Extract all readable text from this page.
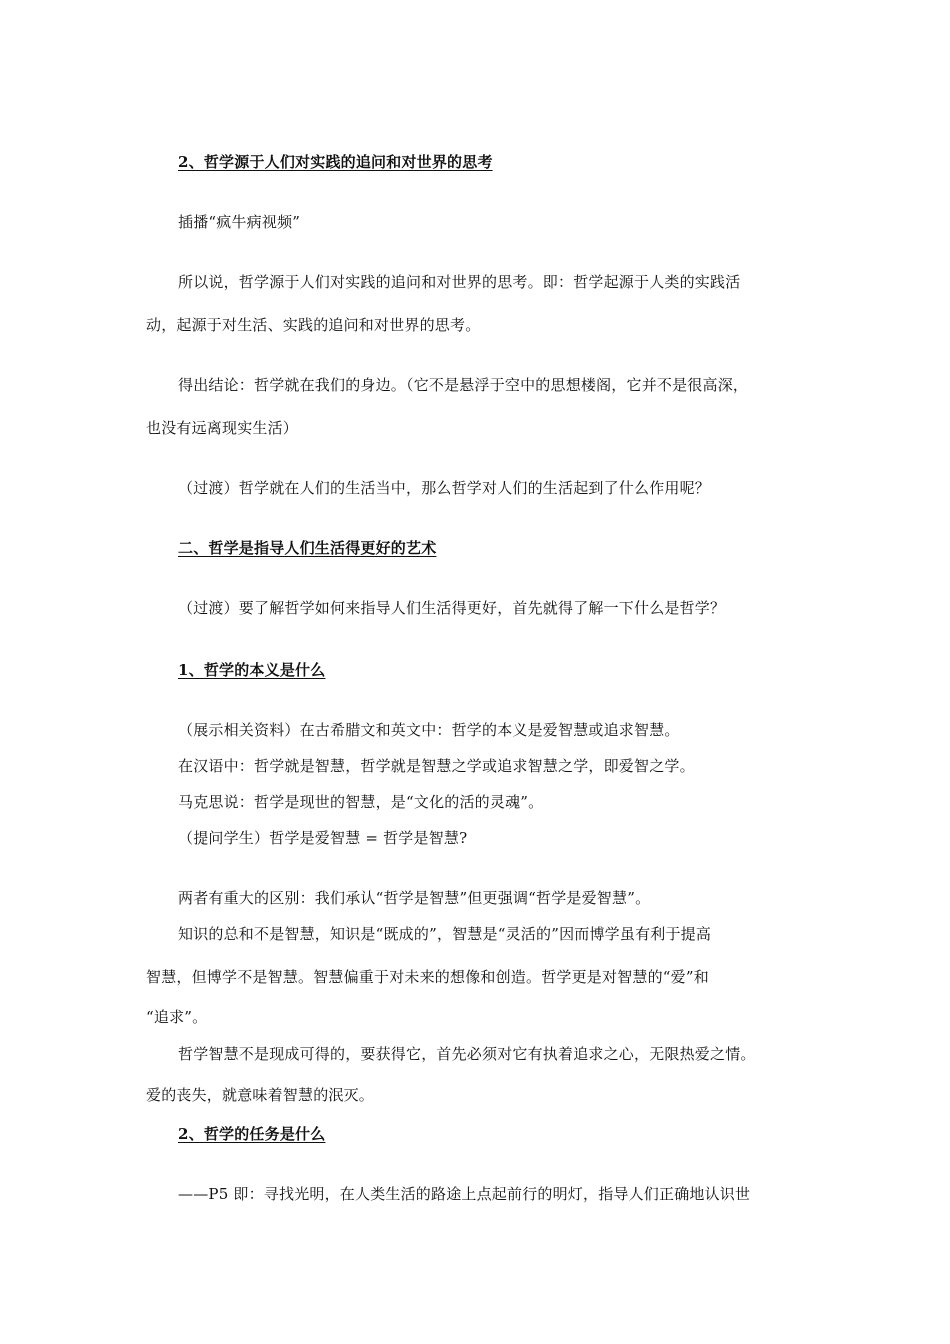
2、哲学源于人们对实践的追问和对世界的思考
插播“疯牛病视频”
所以说，哲学源于人们对实践的追问和对世界的思考。即：哲学起源于人类的实践活
动，起源于对生活、实践的追问和对世界的思考。
得出结论：哲学就在我们的身边。（它不是悬浮于空中的思想楼阁，它并不是很高深，
也没有远离现实生活）
（过渡）哲学就在人们的生活当中，那么哲学对人们的生活起到了什么作用呢？
二、哲学是指导人们生活得更好的艺术
（过渡）要了解哲学如何来指导人们生活得更好，首先就得了解一下什么是哲学？
1、哲学的本义是什么
（展示相关资料）在古希腊文和英文中：哲学的本义是爱智慧或追求智慧。
在汉语中：哲学就是智慧，哲学就是智慧之学或追求智慧之学，即爱智之学。
马克思说：哲学是现世的智慧，是“文化的活的灵魂”。
（提问学生）哲学是爱智慧 = 哲学是智慧?
两者有重大的区别：我们承认“哲学是智慧”但更强调“哲学是爱智慧”。
知识的总和不是智慧，知识是“既成的”，智慧是“灵活的”因而博学虽有利于提高
智慧，但博学不是智慧。智慧偏重于对未来的想像和创造。哲学更是对智慧的“爱”和
“追求”。
哲学智慧不是现成可得的，要获得它，首先必须对它有执着追求之心，无限热爱之情。
爱的丧失，就意味着智慧的泯灭。
2、哲学的任务是什么
——P5 即：寻找光明，在人类生活的路途上点起前行的明灯，指导人们正确地认识世
